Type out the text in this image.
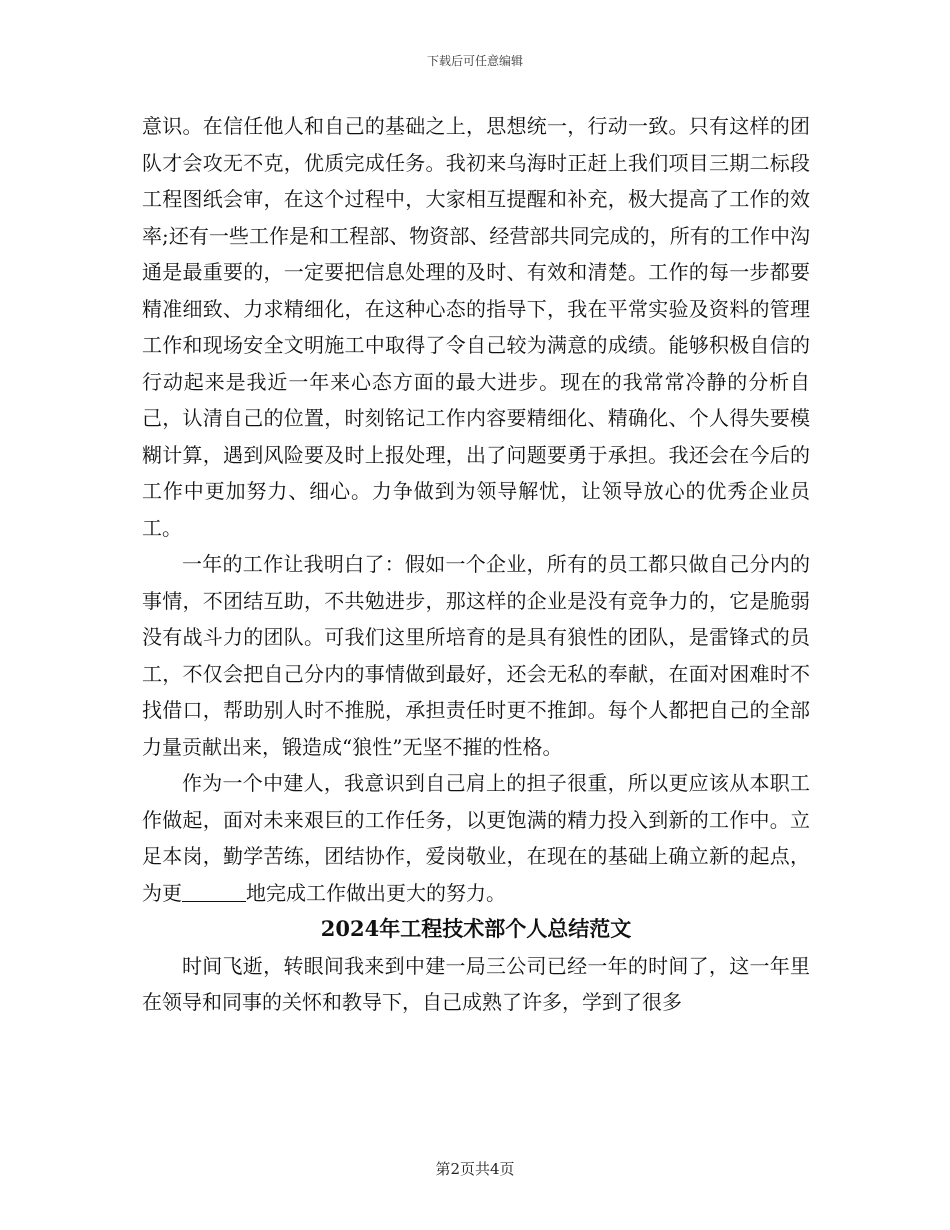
下载后可任意编辑

意识。在信任他人和自己的基础之上，思想统一，行动一致。只有这样的团队才会攻无不克，优质完成任务。我初来乌海时正赶上我们项目三期二标段工程图纸会审，在这个过程中，大家相互提醒和补充，极大提高了工作的效率;还有一些工作是和工程部、物资部、经营部共同完成的，所有的工作中沟通是最重要的，一定要把信息处理的及时、有效和清楚。工作的每一步都要精准细致、力求精细化，在这种心态的指导下，我在平常实验及资料的管理工作和现场安全文明施工中取得了令自己较为满意的成绩。能够积极自信的行动起来是我近一年来心态方面的最大进步。现在的我常常冷静的分析自己，认清自己的位置，时刻铭记工作内容要精细化、精确化、个人得失要模糊计算，遇到风险要及时上报处理，出了问题要勇于承担。我还会在今后的工作中更加努力、细心。力争做到为领导解忧，让领导放心的优秀企业员工。

一年的工作让我明白了：假如一个企业，所有的员工都只做自己分内的事情，不团结互助，不共勉进步，那这样的企业是没有竞争力的，它是脆弱没有战斗力的团队。可我们这里所培育的是具有狼性的团队，是雷锋式的员工，不仅会把自己分内的事情做到最好，还会无私的奉献，在面对困难时不找借口，帮助别人时不推脱，承担责任时更不推卸。每个人都把自己的全部力量贡献出来，锻造成“狼性”无坚不摧的性格。

作为一个中建人，我意识到自己肩上的担子很重，所以更应该从本职工作做起，面对未来艰巨的工作任务，以更饱满的精力投入到新的工作中。立足本岗，勤学苦练，团结协作，爱岗敬业，在现在的基础上确立新的起点，为更	地完成工作做出更大的努力。

2024年工程技术部个人总结范文

时间飞逝，转眼间我来到中建一局三公司已经一年的时间了，这一年里在领导和同事的关怀和教导下，自己成熟了许多，学到了很多

第2页共4页
